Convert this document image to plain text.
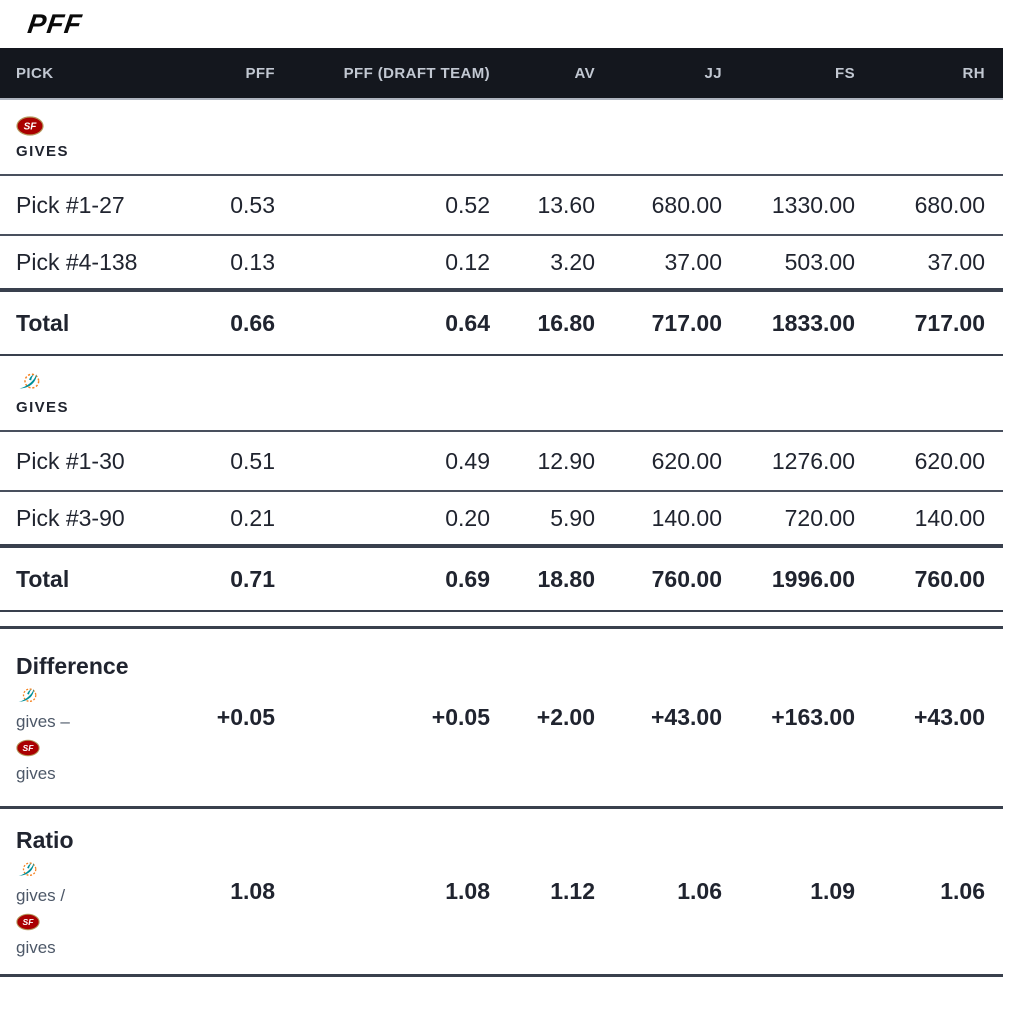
PFF
PICK	PFF	PFF (DRAFT TEAM)	AV	JJ	FS	RH
SF
GIVES
Pick #1-27	0.53	0.52	13.60	680.00	1330.00	680.00
Pick #4-138	0.13	0.12	3.20	37.00	503.00	37.00
Total	0.66	0.64	16.80	717.00	1833.00	717.00
GIVES
Pick #1-30	0.51	0.49	12.90	620.00	1276.00	620.00
Pick #3-90	0.21	0.20	5.90	140.00	720.00	140.00
Total	0.71	0.69	18.80	760.00	1996.00	760.00
Difference
gives –
SF
gives
+0.05	+0.05	+2.00	+43.00	+163.00	+43.00
Ratio
gives /
SF
gives
1.08	1.08	1.12	1.06	1.09	1.06
